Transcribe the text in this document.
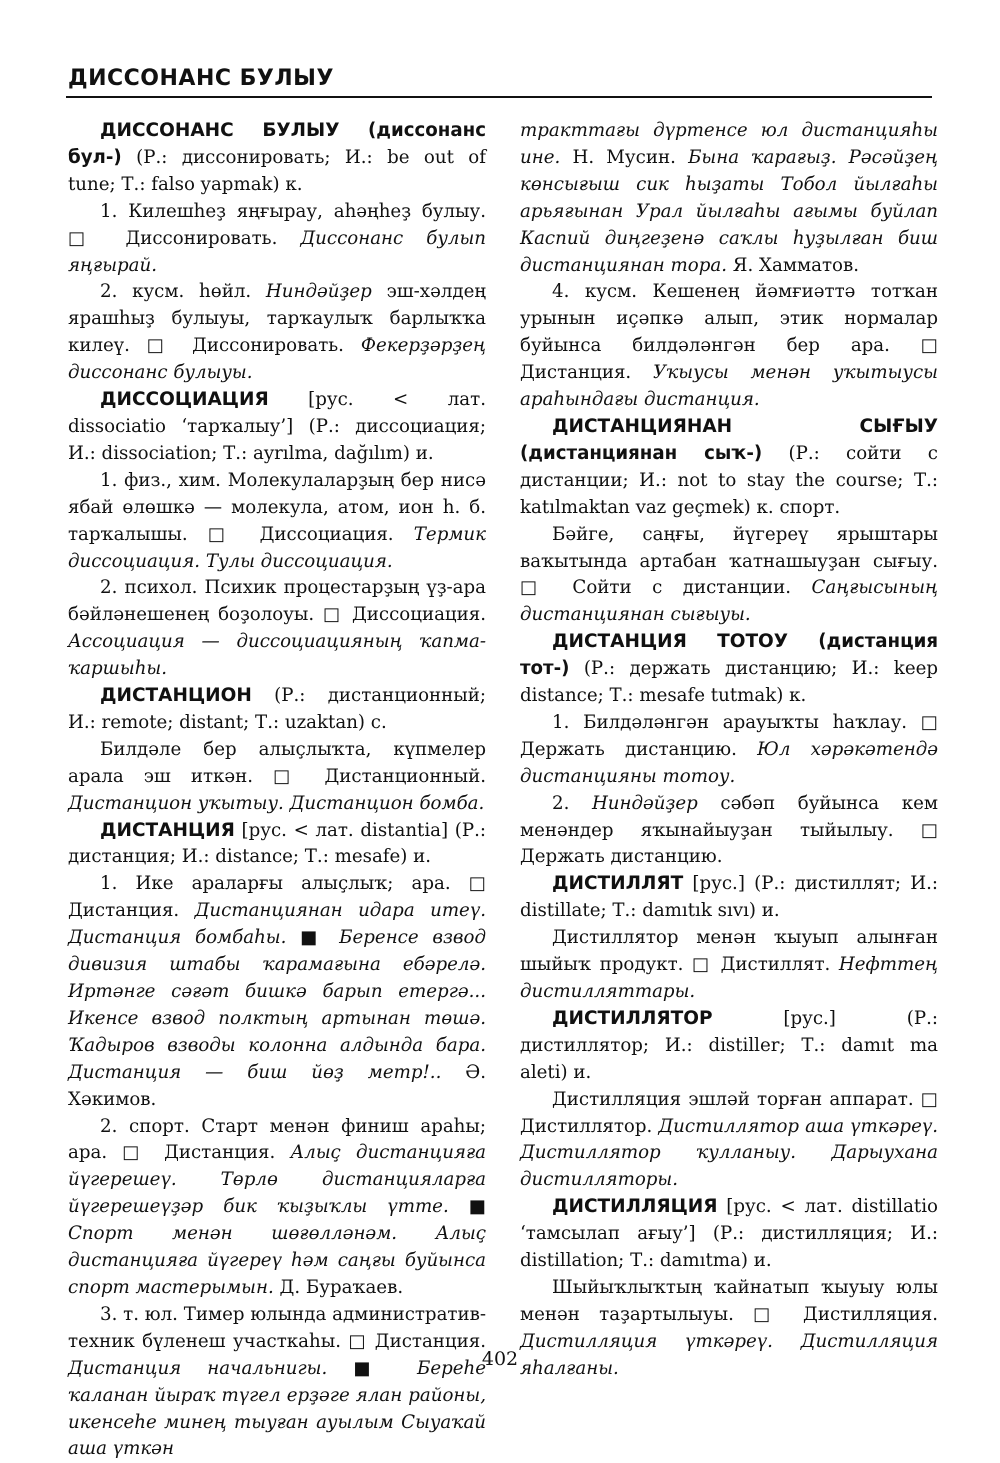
ДИССОНАНС БУЛЫУ

ДИССОНАНС БУЛЫУ (диссонанс бул-) (Р.: диссонировать; И.: be out of tune; Т.: falso yapmak) к.

1. Килешһеҙ яңғырау, аһәңһеҙ булыу. □ Диссонировать. Диссонанс булып яңғырай.

2. кусм. һөйл. Ниндәйҙер эш-хәлдең ярашһыҙ булыуы, тарҡаулыҡ барлыҡҡа килеү. □ Диссонировать. Фекерҙәрҙең диссонанс булыуы.

ДИССОЦИАЦИЯ [рус. < лат. dissociatio ‘тарҡалыу’] (Р.: диссоциация; И.: dissociation; Т.: ayrılma, dağılım) и.

1. физ., хим. Молекулаларҙың бер нисә ябай өлөшкә — молекула, атом, ион һ. б. тарҡалышы. □ Диссоциация. Термик диссоциация. Тулы диссоциация.

2. психол. Психик процестарҙың үҙ-ара бәйләнешенең боҙолоуы. □ Диссоциация. Ассоциация — диссоциацияның ҡапма-ҡаршыһы.

ДИСТАНЦИОН (Р.: дистанционный; И.: remote; distant; Т.: uzaktan) с.

Билдәле бер алыҫлыҡта, күпмелер арала эш иткән. □ Дистанционный. Дистанцион уҡытыу. Дистанцион бомба.

ДИСТАНЦИЯ [рус. < лат. distantia] (Р.: дистанция; И.: distance; Т.: mesafe) и.

1. Ике араларғы алыҫлыҡ; ара. □ Дистанция. Дистанциянан идара итеү. Дистанция бомбаһы. ■ Беренсе взвод дивизия штабы ҡарамағына ебәрелә. Иртәнге сәғәт бишкә барып етергә... Икенсе взвод полктың артынан төшә. Ҡадыров взводы колонна алдында бара. Дистанция — биш йөҙ метр!.. Ә. Хәкимов.

2. спорт. Старт менән финиш араһы; ара. □ Дистанция. Алыҫ дистанцияға йүгерешеү. Төрлө дистанцияларға йүгерешеүҙәр бик ҡыҙыҡлы үтте. ■ Спорт менән шөғөлләнәм. Алыҫ дистанцияға йүгереү һәм саңғы буйынса спорт мастерымын. Д. Бураҡаев.

3. т. юл. Тимер юлында административ-техник бүленеш участкаһы. □ Дистанция. Дистанция начальнигы. ■ Береһе ҡаланан йыраҡ түгел ерҙәге ялан районы, икенсеһе минең тыуған ауылым Сыуаҡай аша үткән

тракттағы дүртенсе юл дистанцияһы ине. Н. Мусин. Бына ҡарағыҙ. Рәсәйҙең көнсығыш сик һыҙаты Тобол йылғаһы арьяғынан Урал йылғаһы ағымы буйлап Каспий диңгеҙенә саҡлы һуҙылған биш дистанциянан тора. Я. Хамматов.

4. кусм. Кешенең йәмғиәттә тотҡан урынын иҫәпкә алып, этик нормалар буйынса билдәләнгән бер ара. □ Дистанция. Уҡыусы менән уҡытыусы араһындағы дистанция.

ДИСТАНЦИЯНАН СЫҒЫУ (дистанциянан сыҡ-) (Р.: сойти с дистанции; И.: not to stay the course; Т.: katılmaktan vaz geçmek) к. спорт.

Бәйге, саңғы, йүгереү ярыштары ваҡытында артабан ҡатнашыуҙан сығыу. □ Сойти с дистанции. Саңғысының дистанциянан сығыуы.

ДИСТАНЦИЯ ТОТОУ (дистанция тот-) (Р.: держать дистанцию; И.: keep distance; Т.: mesafe tutmak) к.

1. Билдәләнгән арауыҡты һаҡлау. □ Держать дистанцию. Юл хәрәкәтендә дистанцияны тотоу.

2. Ниндәйҙер сәбәп буйынса кем менәндер яҡынайыуҙан тыйылыу. □ Держать дистанцию.

ДИСТИЛЛЯТ [рус.] (Р.: дистиллят; И.: distillate; Т.: damıtık sıvı) и.

Дистиллятор менән ҡыуып алынған шыйыҡ продукт. □ Дистиллят. Нефттең дистилляттары.

ДИСТИЛЛЯТОР [рус.] (Р.: дистиллятор; И.: distiller; Т.: damıt ma aleti) и.

Дистилляция эшләй торған аппарат. □ Дистиллятор. Дистиллятор аша үткәреү. Дистиллятор ҡулланыу. Дарыухана дистилляторы.

ДИСТИЛЛЯЦИЯ [рус. < лат. distillatio ‘тамсылап ағыу’] (Р.: дистилляция; И.: distillation; Т.: damıtma) и.

Шыйыҡлыҡтың ҡайнатып ҡыуыу юлы менән таҙартылыуы. □ Дистилляция. Дистилляция үткәреү. Дистилляция яһалғаны.

402
